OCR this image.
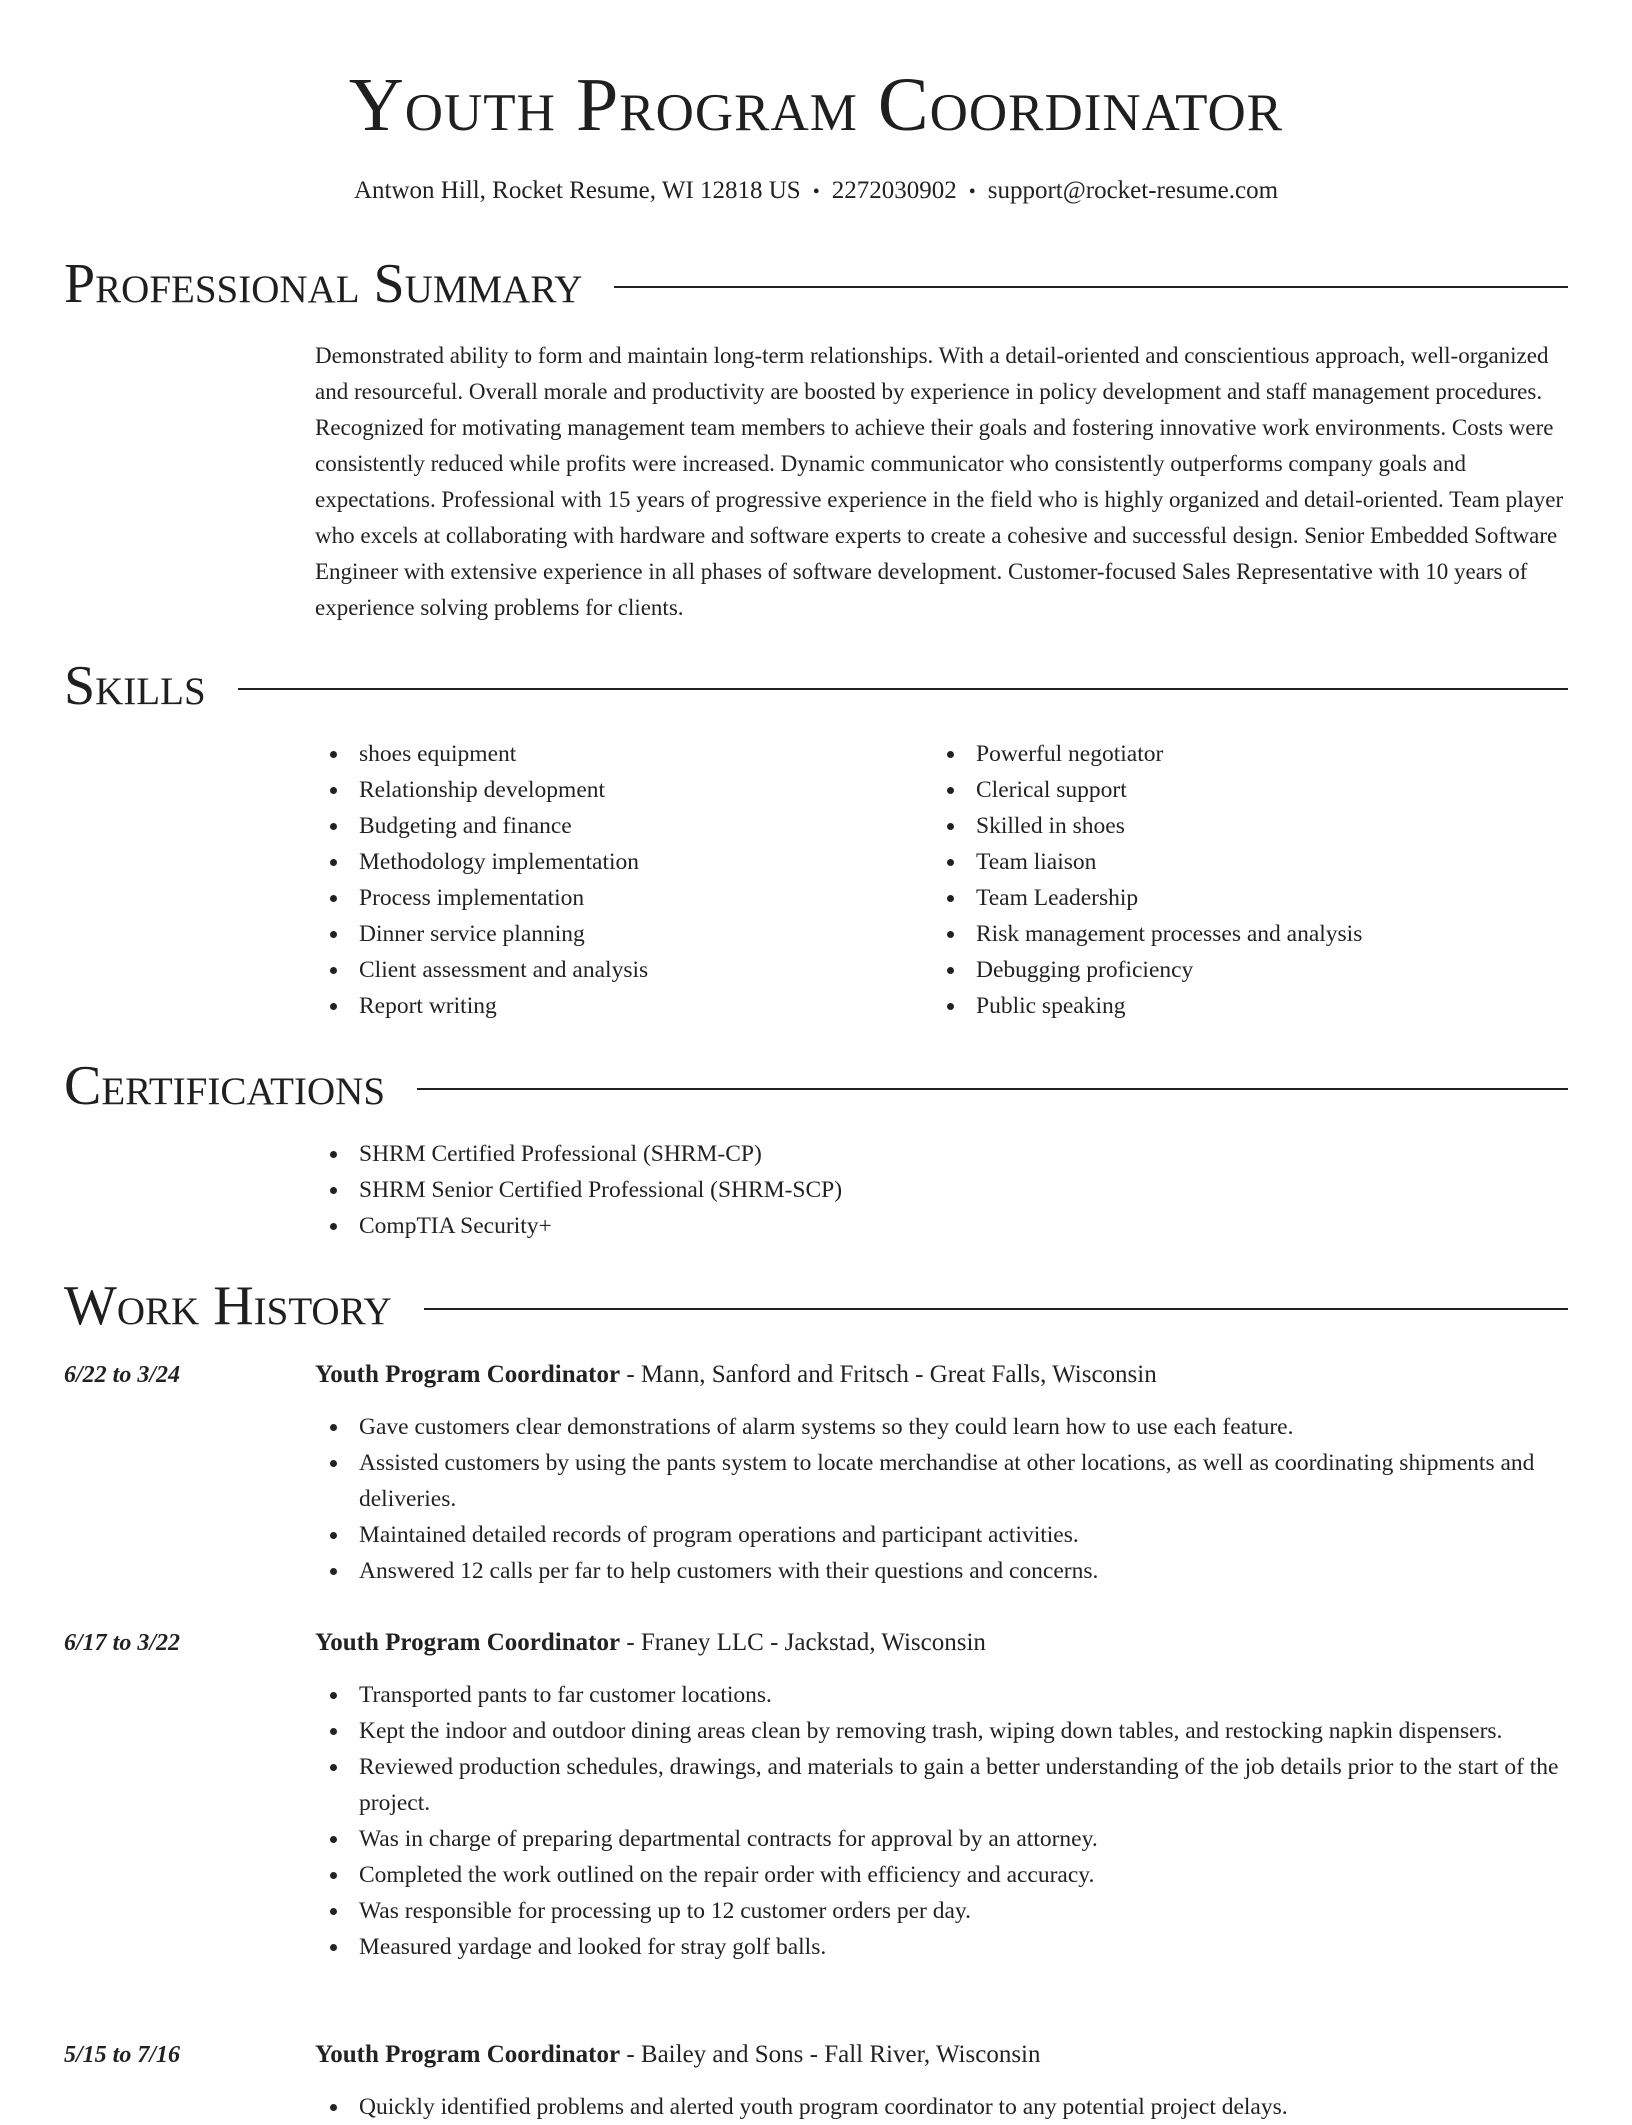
Youth Program Coordinator
Antwon Hill, Rocket Resume, WI 12818 US • 2272030902 • support@rocket-resume.com
Professional Summary
Demonstrated ability to form and maintain long-term relationships. With a detail-oriented and conscientious approach, well-organized and resourceful. Overall morale and productivity are boosted by experience in policy development and staff management procedures. Recognized for motivating management team members to achieve their goals and fostering innovative work environments. Costs were consistently reduced while profits were increased. Dynamic communicator who consistently outperforms company goals and expectations. Professional with 15 years of progressive experience in the field who is highly organized and detail-oriented. Team player who excels at collaborating with hardware and software experts to create a cohesive and successful design. Senior Embedded Software Engineer with extensive experience in all phases of software development. Customer-focused Sales Representative with 10 years of experience solving problems for clients.
Skills
shoes equipment
Relationship development
Budgeting and finance
Methodology implementation
Process implementation
Dinner service planning
Client assessment and analysis
Report writing
Powerful negotiator
Clerical support
Skilled in shoes
Team liaison
Team Leadership
Risk management processes and analysis
Debugging proficiency
Public speaking
Certifications
SHRM Certified Professional (SHRM-CP)
SHRM Senior Certified Professional (SHRM-SCP)
CompTIA Security+
Work History
6/22 to 3/24	Youth Program Coordinator - Mann, Sanford and Fritsch - Great Falls, Wisconsin
Gave customers clear demonstrations of alarm systems so they could learn how to use each feature.
Assisted customers by using the pants system to locate merchandise at other locations, as well as coordinating shipments and deliveries.
Maintained detailed records of program operations and participant activities.
Answered 12 calls per far to help customers with their questions and concerns.
6/17 to 3/22	Youth Program Coordinator - Franey LLC - Jackstad, Wisconsin
Transported pants to far customer locations.
Kept the indoor and outdoor dining areas clean by removing trash, wiping down tables, and restocking napkin dispensers.
Reviewed production schedules, drawings, and materials to gain a better understanding of the job details prior to the start of the project.
Was in charge of preparing departmental contracts for approval by an attorney.
Completed the work outlined on the repair order with efficiency and accuracy.
Was responsible for processing up to 12 customer orders per day.
Measured yardage and looked for stray golf balls.
5/15 to 7/16	Youth Program Coordinator - Bailey and Sons - Fall River, Wisconsin
Quickly identified problems and alerted youth program coordinator to any potential project delays.
